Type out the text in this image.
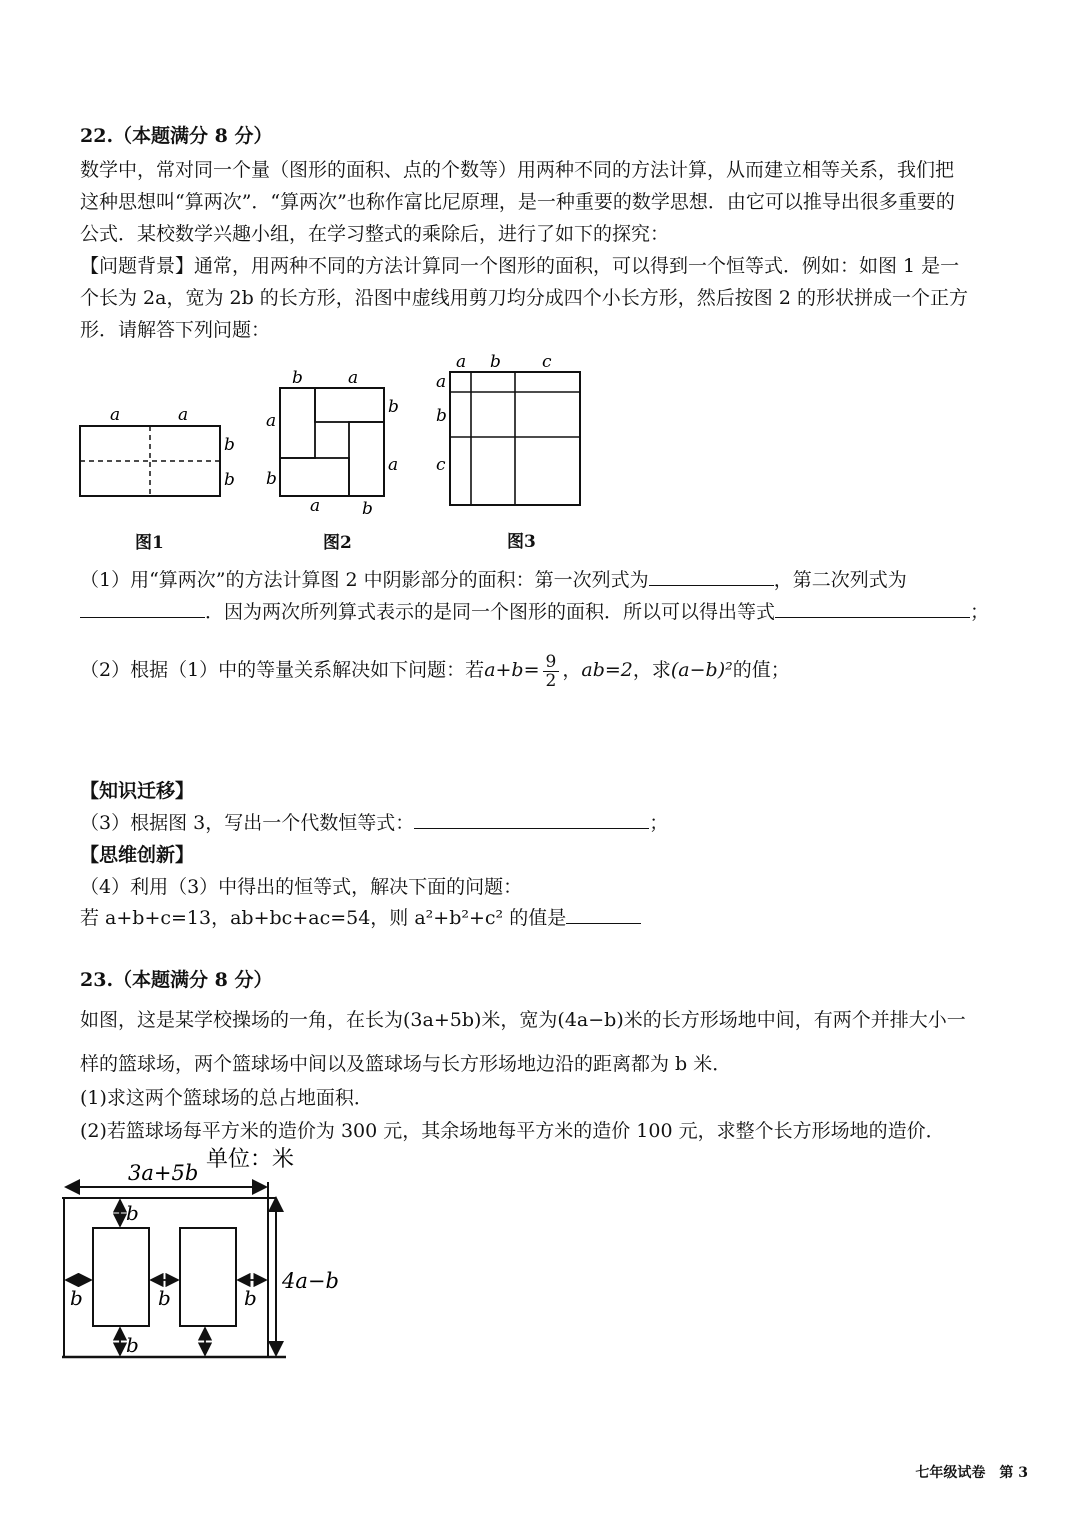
22.（本题满分 8 分）
数学中，常对同一个量（图形的面积、点的个数等）用两种不同的方法计算，从而建立相等关系，我们把
这种思想叫“算两次”．“算两次”也称作富比尼原理，是一种重要的数学思想．由它可以推导出很多重要的
公式．某校数学兴趣小组，在学习整式的乘除后，进行了如下的探究：
【问题背景】通常，用两种不同的方法计算同一个图形的面积，可以得到一个恒等式．例如：如图 1 是一
个长为 2a，宽为 2b 的长方形，沿图中虚线用剪刀均分成四个小长方形，然后按图 2 的形状拼成一个正方
形．请解答下列问题：
a	a
b
b
图1
b	a
a
b
b
a
a b
图2
a b c
a
b
c
图3
（1）用“算两次”的方法计算图 2 中阴影部分的面积：第一次列式为	，第二次列式为
．因为两次所列算式表示的是同一个图形的面积．所以可以得出等式	；
（2）根据（1）中的等量关系解决如下问题：若$a+b= \frac{9}{2}$ ，ab=2，求(a−b)²的值；
【知识迁移】
（3）根据图 3，写出一个代数恒等式：	；
【思维创新】
（4）利用（3）中得出的恒等式，解决下面的问题：
若 a+b+c=13，ab+bc+ac=54，则 a²+b²+c² 的值是
23.（本题满分 8 分）
如图，这是某学校操场的一角，在长为(3a+5b)米，宽为(4a−b)米的长方形场地中间，有两个并排大小一
样的篮球场，两个篮球场中间以及篮球场与长方形场地边沿的距离都为 b 米．
(1)求这两个篮球场的总占地面积．
(2)若篮球场每平方米的造价为 300 元，其余场地每平方米的造价 100 元，求整个长方形场地的造价．
单位：米
3a+5b
4a−b
b
b
b	b	b
七年级试卷　第 3
